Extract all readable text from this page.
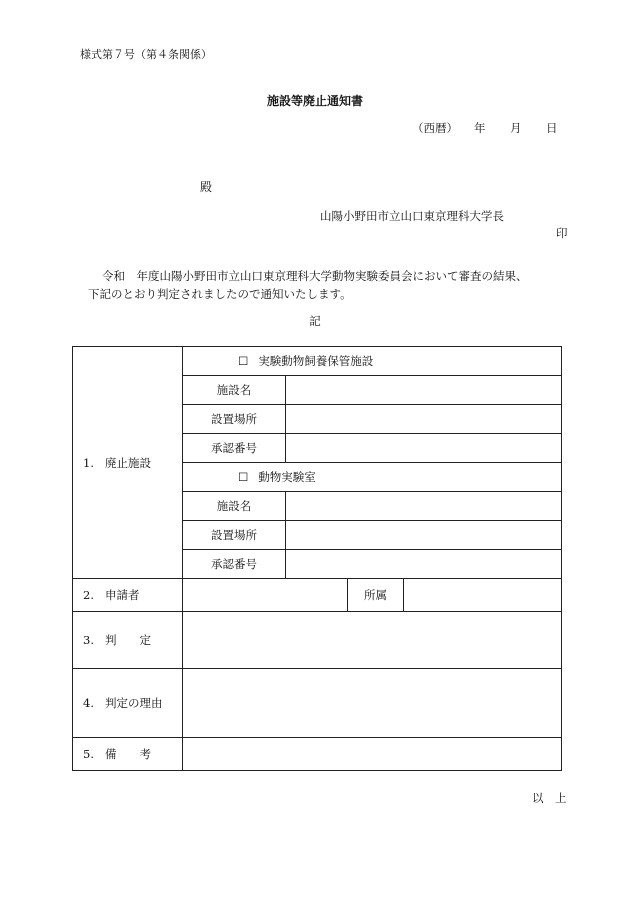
様式第７号（第４条関係）
施設等廃止通知書
（西暦） 年 月 日
殿
山陽小野田市立山口東京理科大学長
印
令和　年度山陽小野田市立山口東京理科大学動物実験委員会において審査の結果、
下記のとおり判定されましたので通知いたします。
記
1. 廃止施設	☐ 実験動物飼養保管施設			
	施設名			
	設置場所			
	承認番号			
	☐ 動物実験室			
	施設名			
	設置場所			
	承認番号			
2. 申請者			所属	
3. 判　　定				
4. 判定の理由				
5. 備　　考				
以　上
